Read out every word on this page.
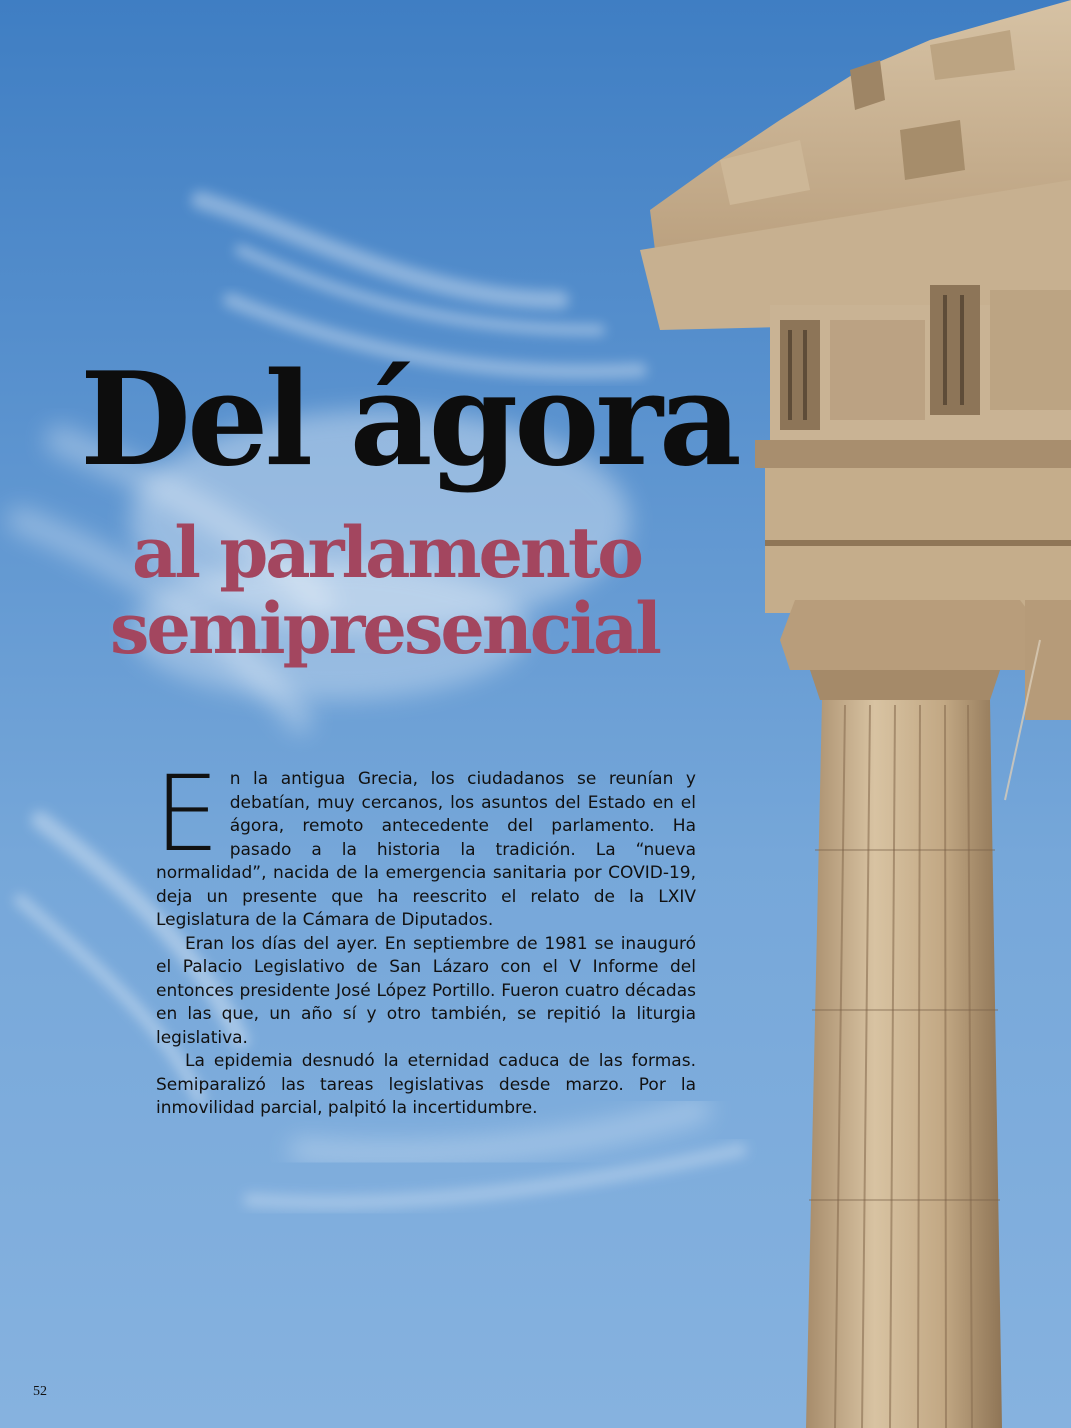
Del ágora
al parlamento
semipresencial

En la antigua Grecia, los ciudadanos se reunían y debatían, muy cercanos, los asuntos del Estado en el ágora, remoto antecedente del parlamento. Ha pasado a la historia la tradición. La “nueva normalidad”, nacida de la emergencia sanitaria por COVID-19, deja un presente que ha reescrito el relato de la LXIV Legislatura de la Cámara de Diputados.

Eran los días del ayer. En septiembre de 1981 se inauguró el Palacio Legislativo de San Lázaro con el V Informe del entonces presidente José López Portillo. Fueron cuatro décadas en las que, un año sí y otro también, se repitió la liturgia legislativa.

La epidemia desnudó la eternidad caduca de las formas. Semiparalizó las tareas legislativas desde marzo. Por la inmovilidad parcial, palpitó la incertidumbre.

52
